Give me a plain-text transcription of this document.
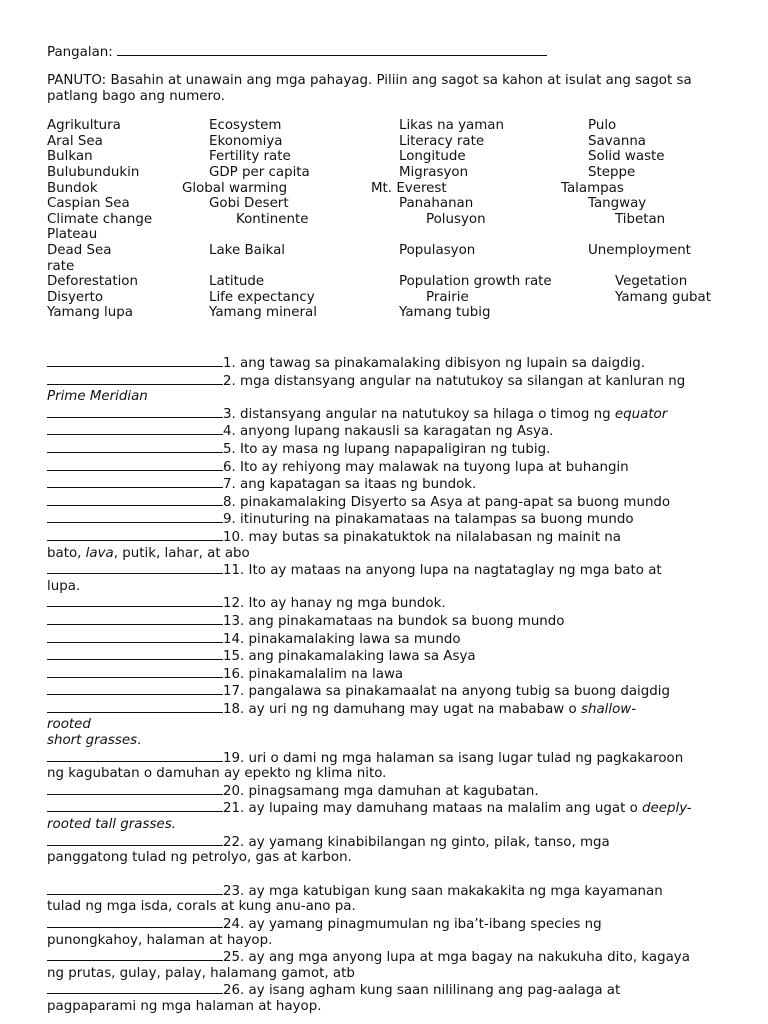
Pangalan:
PANUTO: Basahin at unawain ang mga pahayag. Piliin ang sagot sa kahon at isulat ang sagot sa patlang bago ang numero.
Agrikultura	Ecosystem	Likas na yaman	Pulo
Aral Sea	Ekonomiya	Literacy rate	Savanna
Bulkan	Fertility rate	Longitude	Solid waste
Bulubundukin	GDP per capita	Migrasyon	Steppe
Bundok	Global warming	Mt. Everest	Talampas
Caspian Sea	Gobi Desert	Panahanan	Tangway
Climate change	Kontinente	Polusyon	Tibetan
Plateau
Dead Sea	Lake Baikal	Populasyon	Unemployment
rate
Deforestation	Latitude	Population growth rate	Vegetation
Disyerto	Life expectancy	Prairie	Yamang gubat
Yamang lupa	Yamang mineral	Yamang tubig

1. ang tawag sa pinakamalaking dibisyon ng lupain sa daigdig.

2. mga distansyang angular na natutukoy sa silangan at kanluran ng

Prime Meridian

3. distansyang angular na natutukoy sa hilaga o timog ng equator

4. anyong lupang nakausli sa karagatan ng Asya.

5. Ito ay masa ng lupang napapaligiran ng tubig.

6. Ito ay rehiyong may malawak na tuyong lupa at buhangin

7. ang kapatagan sa itaas ng bundok.

8. pinakamalaking Disyerto sa Asya at pang-apat sa buong mundo

9. itinuturing na pinakamataas na talampas sa buong mundo

10. may butas sa pinakatuktok na nilalabasan ng mainit na

bato, lava, putik, lahar, at abo

11. Ito ay mataas na anyong lupa na nagtataglay ng mga bato at

lupa.

12. Ito ay hanay ng mga bundok.

13. ang pinakamataas na bundok sa buong mundo

14. pinakamalaking lawa sa mundo

15. ang pinakamalaking lawa sa Asya

16. pinakamalalim na lawa

17. pangalawa sa pinakamaalat na anyong tubig sa buong daigdig

18. ay uri ng ng damuhang may ugat na mababaw o shallow-

rooted

short grasses.

19. uri o dami ng mga halaman sa isang lugar tulad ng pagkakaroon

ng kagubatan o damuhan ay epekto ng klima nito.

20. pinagsamang mga damuhan at kagubatan.

21. ay lupaing may damuhang mataas na malalim ang ugat o deeply-

rooted tall grasses.

22. ay yamang kinabibilangan ng ginto, pilak, tanso, mga

panggatong tulad ng petrolyo, gas at karbon.

23. ay mga katubigan kung saan makakakita ng mga kayamanan

tulad ng mga isda, corals at kung anu-ano pa.

24. ay yamang pinagmumulan ng iba’t-ibang species ng

punongkahoy, halaman at hayop.

25. ay ang mga anyong lupa at mga bagay na nakukuha dito, kagaya

ng prutas, gulay, palay, halamang gamot, atb

26. ay isang agham kung saan nililinang ang pag-aalaga at

pagpaparami ng mga halaman at hayop.
